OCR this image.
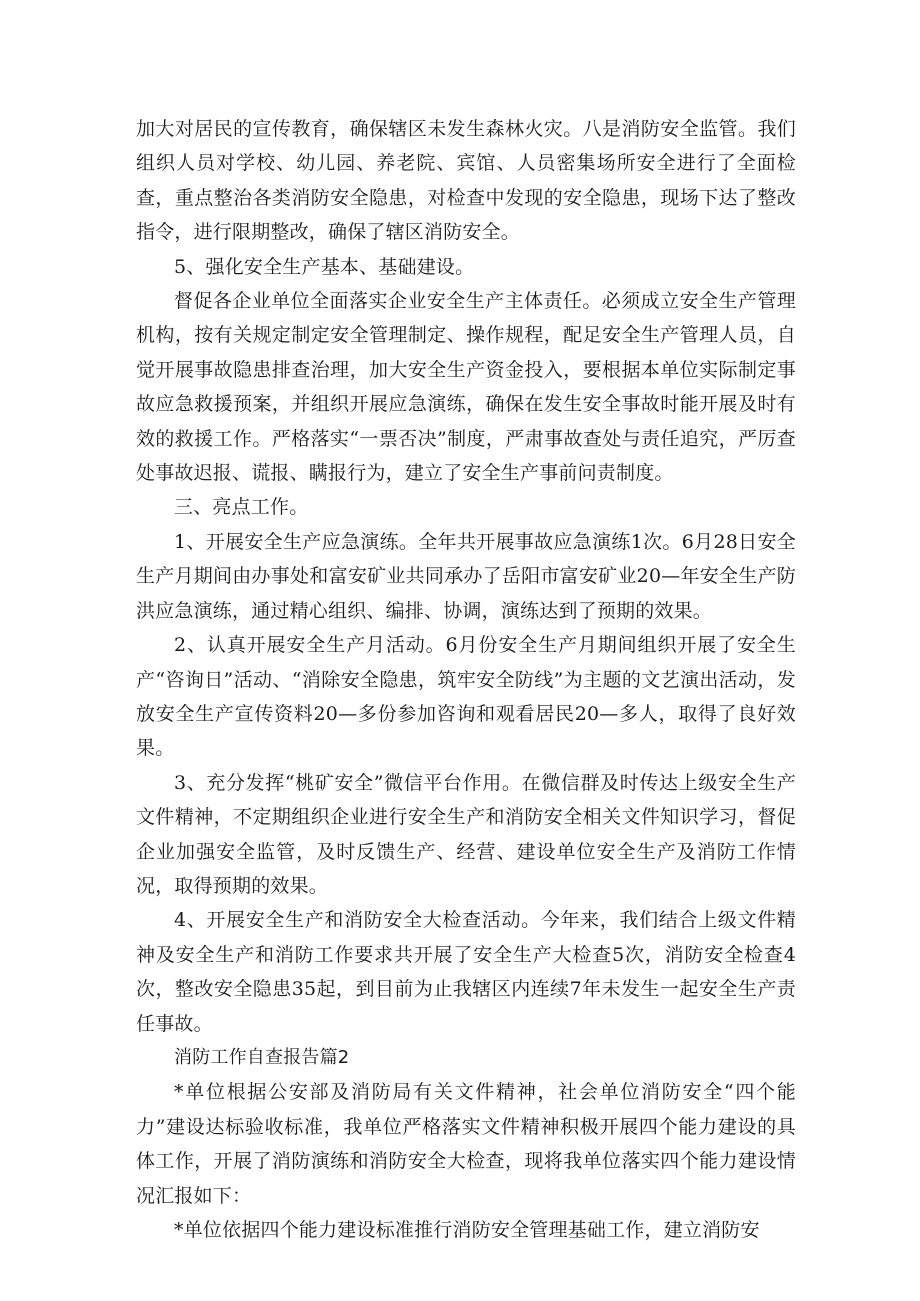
加大对居民的宣传教育，确保辖区未发生森林火灾。八是消防安全监管。我们组织人员对学校、幼儿园、养老院、宾馆、人员密集场所安全进行了全面检查，重点整治各类消防安全隐患，对检查中发现的安全隐患，现场下达了整改指令，进行限期整改，确保了辖区消防安全。

5、强化安全生产基本、基础建设。

督促各企业单位全面落实企业安全生产主体责任。必须成立安全生产管理机构，按有关规定制定安全管理制定、操作规程，配足安全生产管理人员，自觉开展事故隐患排查治理，加大安全生产资金投入，要根据本单位实际制定事故应急救援预案，并组织开展应急演练，确保在发生安全事故时能开展及时有效的救援工作。严格落实“一票否决”制度，严肃事故查处与责任追究，严厉查处事故迟报、谎报、瞒报行为，建立了安全生产事前问责制度。

三、亮点工作。

1、开展安全生产应急演练。全年共开展事故应急演练1次。6月28日安全生产月期间由办事处和富安矿业共同承办了岳阳市富安矿业20—年安全生产防洪应急演练，通过精心组织、编排、协调，演练达到了预期的效果。

2、认真开展安全生产月活动。6月份安全生产月期间组织开展了安全生产“咨询日”活动、“消除安全隐患，筑牢安全防线”为主题的文艺演出活动，发放安全生产宣传资料20—多份参加咨询和观看居民20—多人，取得了良好效果。

3、充分发挥“桃矿安全”微信平台作用。在微信群及时传达上级安全生产文件精神，不定期组织企业进行安全生产和消防安全相关文件知识学习，督促企业加强安全监管，及时反馈生产、经营、建设单位安全生产及消防工作情况，取得预期的效果。

4、开展安全生产和消防安全大检查活动。今年来，我们结合上级文件精神及安全生产和消防工作要求共开展了安全生产大检查5次，消防安全检查4次，整改安全隐患35起，到目前为止我辖区内连续7年未发生一起安全生产责任事故。

消防工作自查报告篇2

*单位根据公安部及消防局有关文件精神，社会单位消防安全“四个能力”建设达标验收标准，我单位严格落实文件精神积极开展四个能力建设的具体工作，开展了消防演练和消防安全大检查，现将我单位落实四个能力建设情况汇报如下：

*单位依据四个能力建设标准推行消防安全管理基础工作，建立消防安
